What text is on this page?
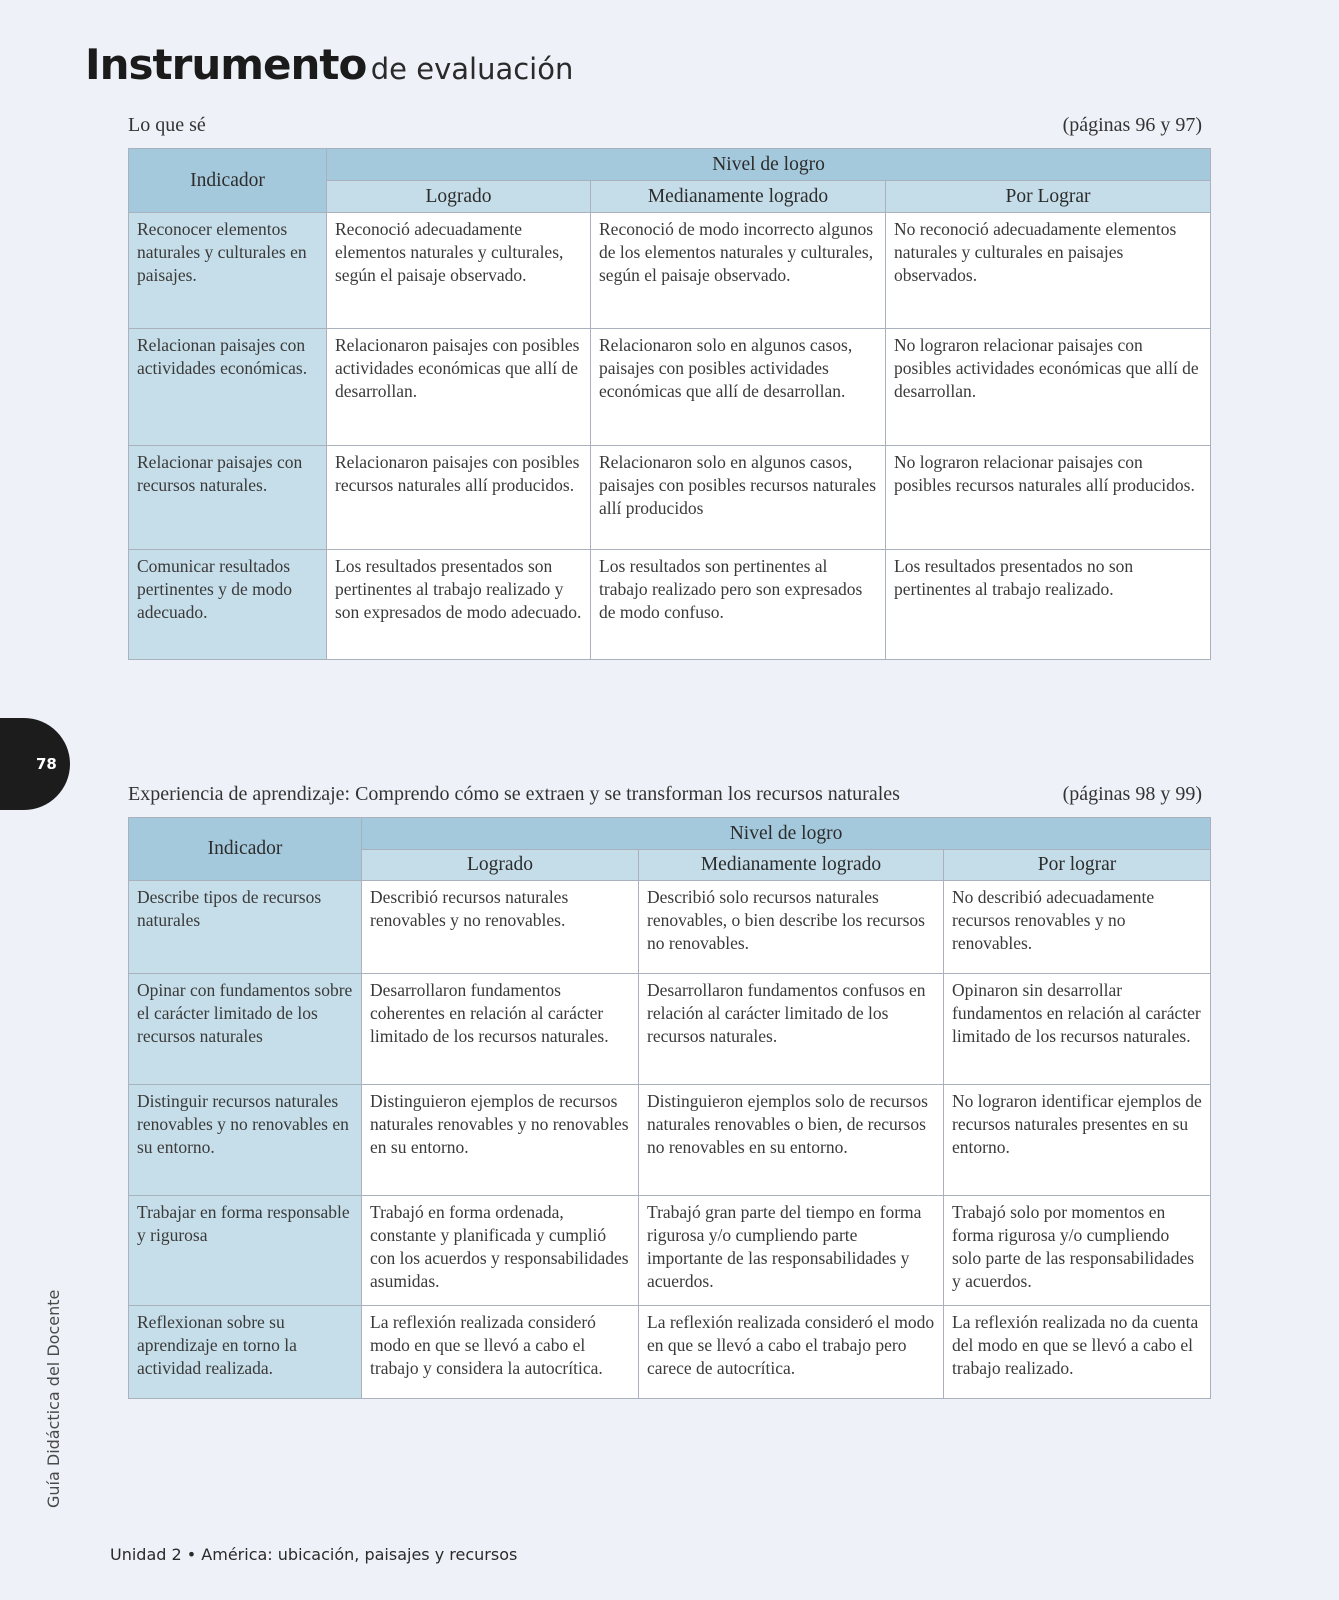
Instrumento de evaluación
Lo que sé	(páginas 96 y 97)
Indicador	Nivel de logro		
	Logrado	Medianamente logrado	Por Lograr
Reconocer elementos naturales y culturales en paisajes.	Reconoció adecuadamente elementos naturales y culturales, según el paisaje observado.	Reconoció de modo incorrecto algunos de los elementos naturales y culturales, según el paisaje observado.	No reconoció adecuadamente elementos naturales y culturales en paisajes observados.
Relacionan paisajes con actividades económicas.	Relacionaron paisajes con posibles actividades económicas que allí de desarrollan.	Relacionaron solo en algunos casos, paisajes con posibles actividades económicas que allí de desarrollan.	No lograron relacionar paisajes con posibles actividades económicas que allí de desarrollan.
Relacionar paisajes con recursos naturales.	Relacionaron paisajes con posibles recursos naturales allí producidos.	Relacionaron solo en algunos casos, paisajes con posibles recursos naturales allí producidos	No lograron relacionar paisajes con posibles recursos naturales allí producidos.
Comunicar resultados pertinentes y de modo adecuado.	Los resultados presentados son pertinentes al trabajo realizado y son expresados de modo adecuado.	Los resultados son pertinentes al trabajo realizado pero son expresados de modo confuso.	Los resultados presentados no son pertinentes al trabajo realizado.
78
Experiencia de aprendizaje: Comprendo cómo se extraen y se transforman los recursos naturales	(páginas 98 y 99)
Indicador	Nivel de logro		
	Logrado	Medianamente logrado	Por lograr
Describe tipos de recursos naturales	Describió recursos naturales renovables y no renovables.	Describió solo recursos naturales renovables, o bien describe los recursos no renovables.	No describió adecuadamente recursos renovables y no renovables.
Opinar con fundamentos sobre el carácter limitado de los recursos naturales	Desarrollaron fundamentos coherentes en relación al carácter limitado de los recursos naturales.	Desarrollaron fundamentos confusos en relación al carácter limitado de los recursos naturales.	Opinaron sin desarrollar fundamentos en relación al carácter limitado de los recursos naturales.
Distinguir recursos naturales renovables y no renovables en su entorno.	Distinguieron ejemplos de recursos naturales renovables y no renovables en su entorno.	Distinguieron ejemplos solo de recursos naturales renovables o bien, de recursos no renovables en su entorno.	No lograron identificar ejemplos de recursos naturales presentes en su entorno.
Trabajar en forma responsable y rigurosa	Trabajó en forma ordenada, constante y planificada y cumplió con los acuerdos y responsabilidades asumidas.	Trabajó gran parte del tiempo en forma rigurosa y/o cumpliendo parte importante de las responsabilidades y acuerdos.	Trabajó solo por momentos en forma rigurosa y/o cumpliendo solo parte de las responsabilidades y acuerdos.
Reflexionan sobre su aprendizaje en torno la actividad realizada.	La reflexión realizada consideró modo en que se llevó a cabo el trabajo y considera la autocrítica.	La reflexión realizada consideró el modo en que se llevó a cabo el trabajo pero carece de autocrítica.	La reflexión realizada no da cuenta del modo en que se llevó a cabo el trabajo realizado.
Guía Didáctica del Docente
Unidad 2 • América: ubicación, paisajes y recursos
